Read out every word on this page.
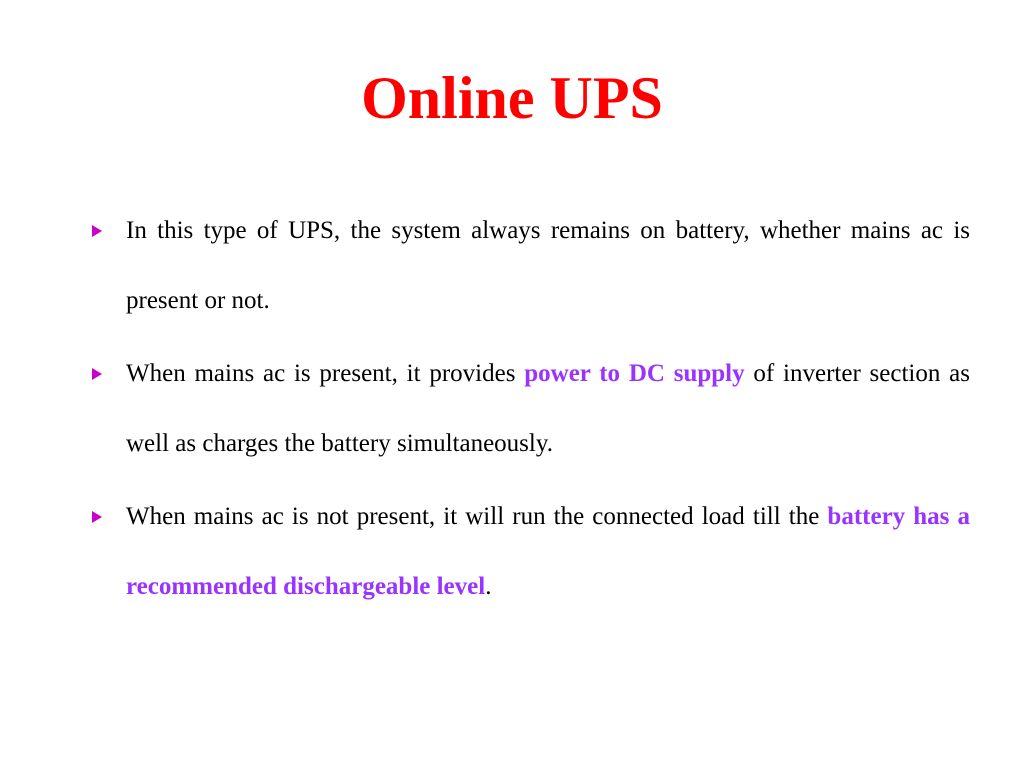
Online UPS
In this type of UPS, the system always remains on battery, whether mains ac is present or not.
When mains ac is present, it provides power to DC supply of inverter section as well as charges the battery simultaneously.
When mains ac is not present, it will run the connected load till the battery has a recommended dischargeable level.
